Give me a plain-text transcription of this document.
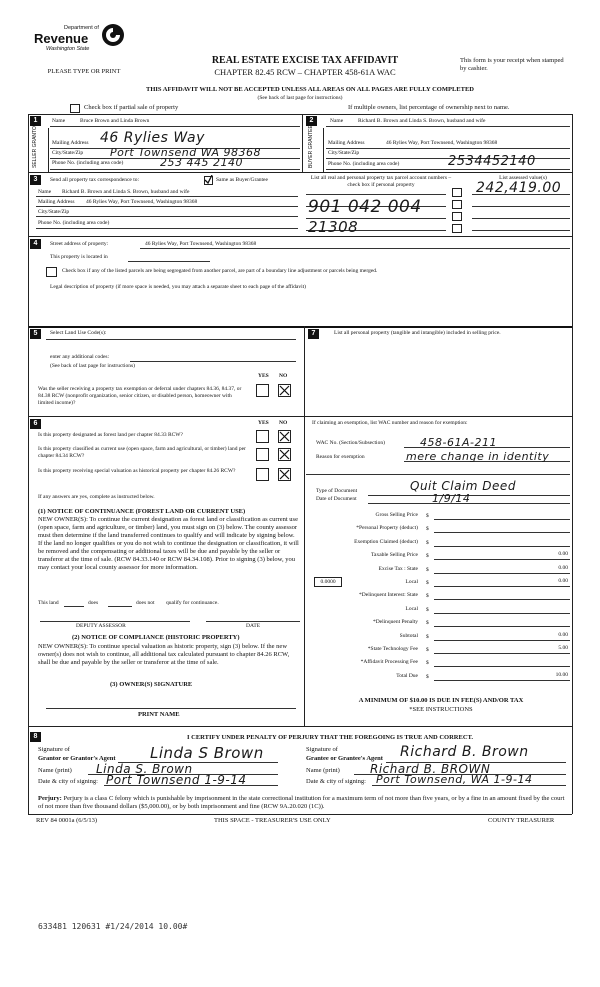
Department of
Revenue
Washington State
PLEASE TYPE OR PRINT
REAL ESTATE EXCISE TAX AFFIDAVIT
CHAPTER 82.45 RCW – CHAPTER 458-61A WAC
This form is your receipt when stamped by cashier.
THIS AFFIDAVIT WILL NOT BE ACCEPTED UNLESS ALL AREAS ON ALL PAGES ARE FULLY COMPLETED
(See back of last page for instructions)
Check box if partial sale of property	If multiple owners, list percentage of ownership next to name.
1
SELLER GRANTOR
Name	Bruce Brown and Linda Brown
Mailing Address 46 Rylies Way
City/State/Zip Port Townsend WA 98368
Phone No. (including area code)	253 445 2140
2
BUYER GRANTEE
Name	Richard B. Brown and Linda S. Brown, husband and wife
Mailing Address	46 Rylies Way, Port Townsend, Washington 98368
City/State/Zip
Phone No. (including area code)	2534452140
3	Send all property tax correspondence to:	Same as Buyer/Grantee
Name Richard B. Brown and Linda S. Brown, husband and wife
Mailing Address 46 Rylies Way, Port Townsend, Washington 98368
City/State/Zip
Phone No. (including area code)
List all real and personal property tax parcel account numbers – check box if personal property
List assessed value(s)
901 042 004
21308
242,419.00
4	Street address of property:	46 Rylies Way, Port Townsend, Washington 98368
This property is located in
Check box if any of the listed parcels are being segregated from another parcel, are part of a boundary line adjustment or parcels being merged.
Legal description of property (if more space is needed, you may attach a separate sheet to each page of the affidavit)
5	Select Land Use Code(s):
enter any additional codes:
(See back of last page for instructions)
YES NO
Was the seller receiving a property tax exemption or deferral under chapters 84.36, 84.37, or 84.38 RCW (nonprofit organization, senior citizen, or disabled person, homeowner with limited income)?
7	List all personal property (tangible and intangible) included in selling price.
6	YES NO
Is this property designated as forest land per chapter 84.33 RCW?
Is this property classified as current use (open space, farm and agricultural, or timber) land per chapter 84.34 RCW?
Is this property receiving special valuation as historical property per chapter 84.26 RCW?
If any answers are yes, complete as instructed below.
(1) NOTICE OF CONTINUANCE (FOREST LAND OR CURRENT USE)
NEW OWNER(S): To continue the current designation as forest land or classification as current use (open space, farm and agriculture, or timber) land, you must sign on (3) below. The county assessor must then determine if the land transferred continues to qualify and will indicate by signing below. If the land no longer qualifies or you do not wish to continue the designation or classification, it will be removed and the compensating or additional taxes will be due and payable by the seller or transferor at the time of sale. (RCW 84.33.140 or RCW 84.34.108). Prior to signing (3) below, you may contact your local county assessor for more information.
This land	does	does not qualify for continuance.
DEPUTY ASSESSOR	DATE
(2) NOTICE OF COMPLIANCE (HISTORIC PROPERTY)
NEW OWNER(S): To continue special valuation as historic property, sign (3) below. If the new owner(s) does not wish to continue, all additional tax calculated pursuant to chapter 84.26 RCW, shall be due and payable by the seller or transferor at the time of sale.
(3) OWNER(S) SIGNATURE
PRINT NAME
If claiming an exemption, list WAC number and reason for exemption:
WAC No. (Section/Subsection)	458-61A-211
Reason for exemption	mere change in identity
Type of Document	Quit Claim Deed
Date of Document	1/9/14
Gross Selling Price $
*Personal Property (deduct) $
Exemption Claimed (deduct) $
Taxable Selling Price $	0.00
Excise Tax : State $	0.00
Local $	0.00
*Delinquent Interest: State $
Local $
*Delinquent Penalty $
Subtotal $	0.00
*State Technology Fee $	5.00
*Affidavit Processing Fee $
Total Due $	10.00
0.0000
A MINIMUM OF $10.00 IS DUE IN FEE(S) AND/OR TAX
*SEE INSTRUCTIONS
8	I CERTIFY UNDER PENALTY OF PERJURY THAT THE FOREGOING IS TRUE AND CORRECT.
Signature of
Grantor or Grantor's Agent Linda S Brown
Name (print) Linda S. Brown
Date & city of signing: Port Townsend 1-9-14
Signature of
Grantee or Grantee's Agent Richard B. Brown
Name (print)	Richard B. BROWN
Date & city of signing: Port Townsend, WA 1-9-14
Perjury: Perjury is a class C felony which is punishable by imprisonment in the state correctional institution for a maximum term of not more than five years, or by a fine in an amount fixed by the court of not more than five thousand dollars ($5,000.00), or by both imprisonment and fine (RCW 9A.20.020 (1C)).
REV 84 0001a (6/5/13)	THIS SPACE - TREASURER'S USE ONLY	COUNTY TREASURER
633481 120631 #1/24/2014 10.00#
